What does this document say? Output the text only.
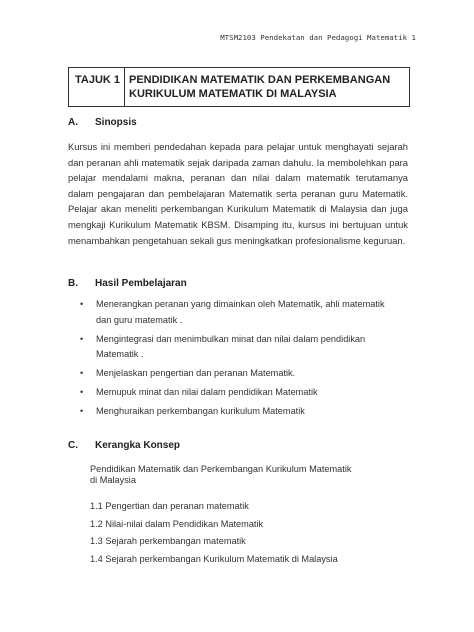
MTSM2103 Pendekatan dan Pedagogi Matematik 1
TAJUK 1 PENDIDIKAN MATEMATIK DAN PERKEMBANGAN
KURIKULUM MATEMATIK DI MALAYSIA
A.	Sinopsis
Kursus ini memberi pendedahan kepada para pelajar untuk menghayati sejarah dan peranan ahli matematik sejak daripada zaman dahulu. Ia membolehkan para pelajar mendalami makna, peranan dan nilai dalam matematik terutamanya dalam pengajaran dan pembelajaran Matematik serta peranan guru Matematik. Pelajar akan meneliti perkembangan Kurikulum Matematik di Malaysia dan juga mengkaji Kurikulum Matematik KBSM. Disamping itu, kursus ini bertujuan untuk menambahkan pengetahuan sekali gus meningkatkan profesionalisme keguruan.
B.	Hasil Pembelajaran
• Menerangkan peranan yang dimainkan oleh Matematik, ahli matematik dan guru matematik .
• Mengintegrasi dan menimbulkan minat dan nilai dalam pendidikan Matematik .
• Menjelaskan pengertian dan peranan Matematik.
• Memupuk minat dan nilai dalam pendidikan Matematik
• Menghuraikan perkembangan kurikulum Matematik
C.	Kerangka Konsep
Pendidikan Matematik dan Perkembangan Kurikulum Matematik
di Malaysia
1.1 Pengertian dan peranan matematik
1.2 Nilai-nilai dalam Pendidikan Matematik
1.3 Sejarah perkembangan matematik
1.4 Sejarah perkembangan Kurikulum Matematik di Malaysia
